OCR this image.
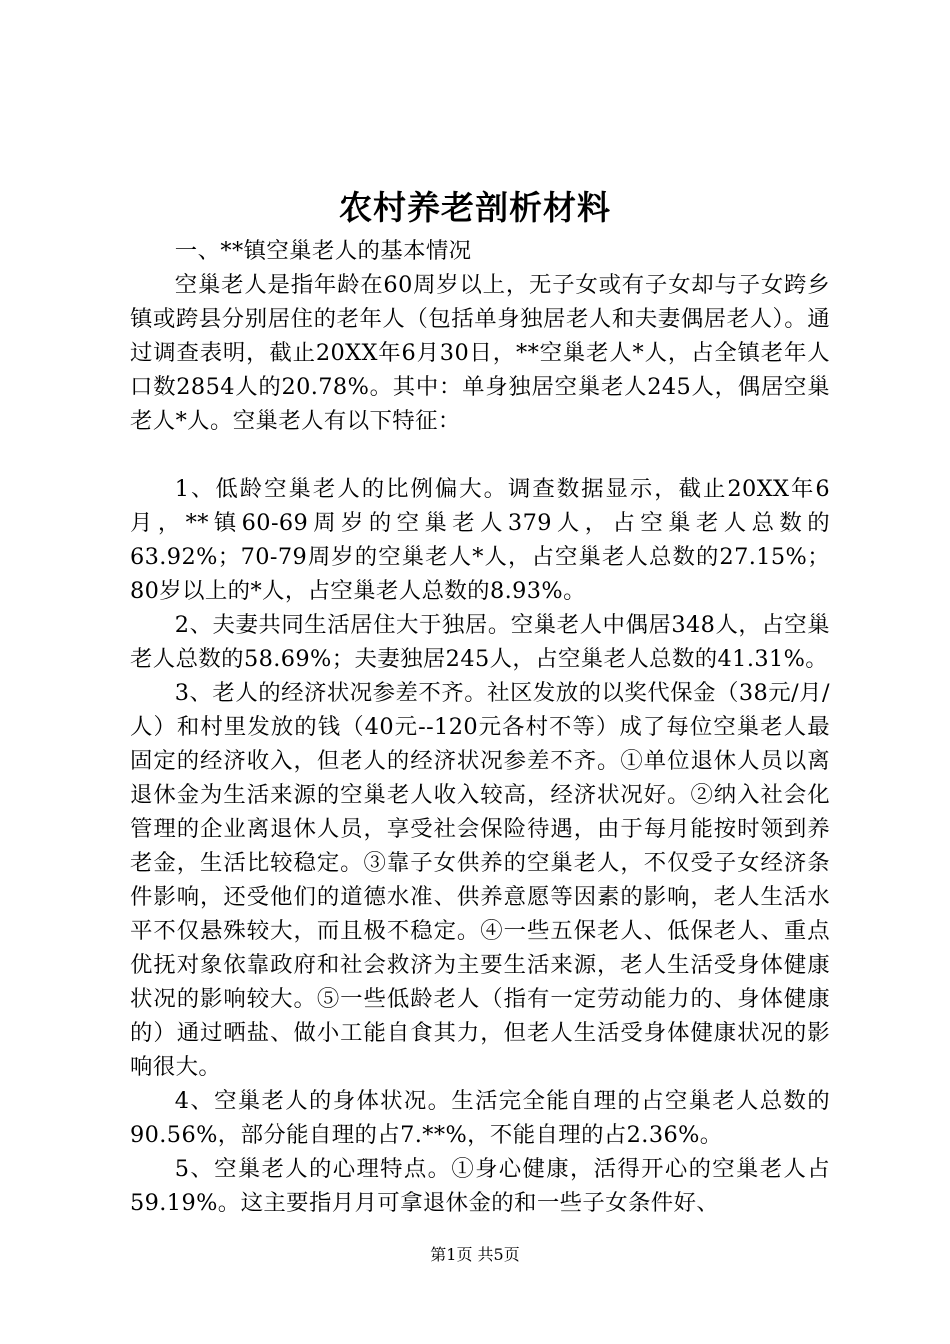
农村养老剖析材料

一、**镇空巢老人的基本情况

空巢老人是指年龄在60周岁以上，无子女或有子女却与子女跨乡镇或跨县分别居住的老年人（包括单身独居老人和夫妻偶居老人）。通过调查表明，截止20XX年6月30日，**空巢老人*人，占全镇老年人口数2854人的20.78%。其中：单身独居空巢老人245人，偶居空巢老人*人。空巢老人有以下特征：

1、低龄空巢老人的比例偏大。调查数据显示，截止20XX年6月，**镇60-69周岁的空巢老人379人，占空巢老人总数的63.92%；70-79周岁的空巢老人*人，占空巢老人总数的27.15%；80岁以上的*人，占空巢老人总数的8.93%。

2、夫妻共同生活居住大于独居。空巢老人中偶居348人，占空巢老人总数的58.69%；夫妻独居245人，占空巢老人总数的41.31%。

3、老人的经济状况参差不齐。社区发放的以奖代保金（38元/月/人）和村里发放的钱（40元--120元各村不等）成了每位空巢老人最固定的经济收入，但老人的经济状况参差不齐。①单位退休人员以离退休金为生活来源的空巢老人收入较高，经济状况好。②纳入社会化管理的企业离退休人员，享受社会保险待遇，由于每月能按时领到养老金，生活比较稳定。③靠子女供养的空巢老人，不仅受子女经济条件影响，还受他们的道德水准、供养意愿等因素的影响，老人生活水平不仅悬殊较大，而且极不稳定。④一些五保老人、低保老人、重点优抚对象依靠政府和社会救济为主要生活来源，老人生活受身体健康状况的影响较大。⑤一些低龄老人（指有一定劳动能力的、身体健康的）通过晒盐、做小工能自食其力，但老人生活受身体健康状况的影响很大。

4、空巢老人的身体状况。生活完全能自理的占空巢老人总数的90.56%，部分能自理的占7.**%，不能自理的占2.36%。

5、空巢老人的心理特点。①身心健康，活得开心的空巢老人占59.19%。这主要指月月可拿退休金的和一些子女条件好、

第1页 共5页
